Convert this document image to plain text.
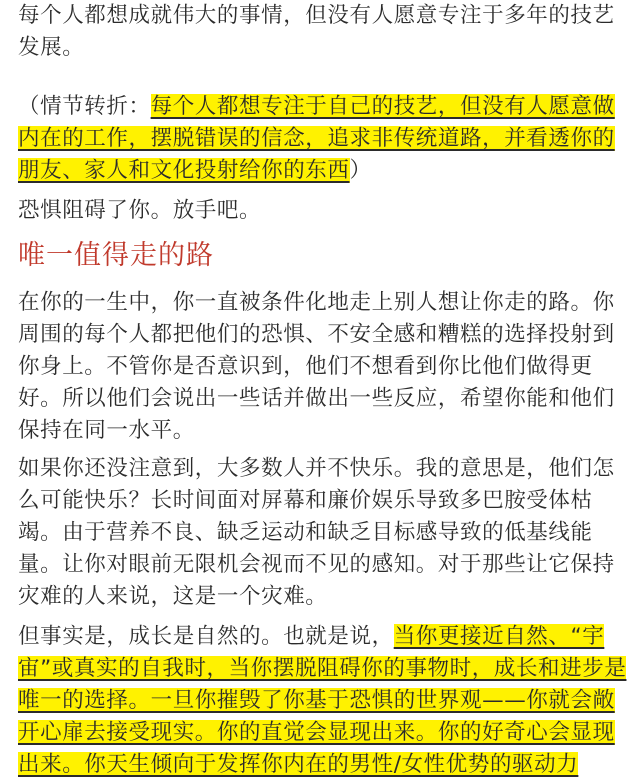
每个人都想成就伟大的事情，但没有人愿意专注于多年的技艺发展。

（情节转折：每个人都想专注于自己的技艺，但没有人愿意做内在的工作，摆脱错误的信念，追求非传统道路，并看透你的朋友、家人和文化投射给你的东西）

恐惧阻碍了你。放手吧。

唯一值得走的路

在你的一生中，你一直被条件化地走上别人想让你走的路。你周围的每个人都把他们的恐惧、不安全感和糟糕的选择投射到你身上。不管你是否意识到，他们不想看到你比他们做得更好。所以他们会说出一些话并做出一些反应，希望你能和他们保持在同一水平。

如果你还没注意到，大多数人并不快乐。我的意思是，他们怎么可能快乐？长时间面对屏幕和廉价娱乐导致多巴胺受体枯竭。由于营养不良、缺乏运动和缺乏目标感导致的低基线能量。让你对眼前无限机会视而不见的感知。对于那些让它保持灾难的人来说，这是一个灾难。

但事实是，成长是自然的。也就是说，当你更接近自然、“宇宙”或真实的自我时，当你摆脱阻碍你的事物时，成长和进步是唯一的选择。一旦你摧毁了你基于恐惧的世界观——你就会敞开心扉去接受现实。你的直觉会显现出来。你的好奇心会显现出来。你天生倾向于发挥你内在的男性/女性优势的驱动力
